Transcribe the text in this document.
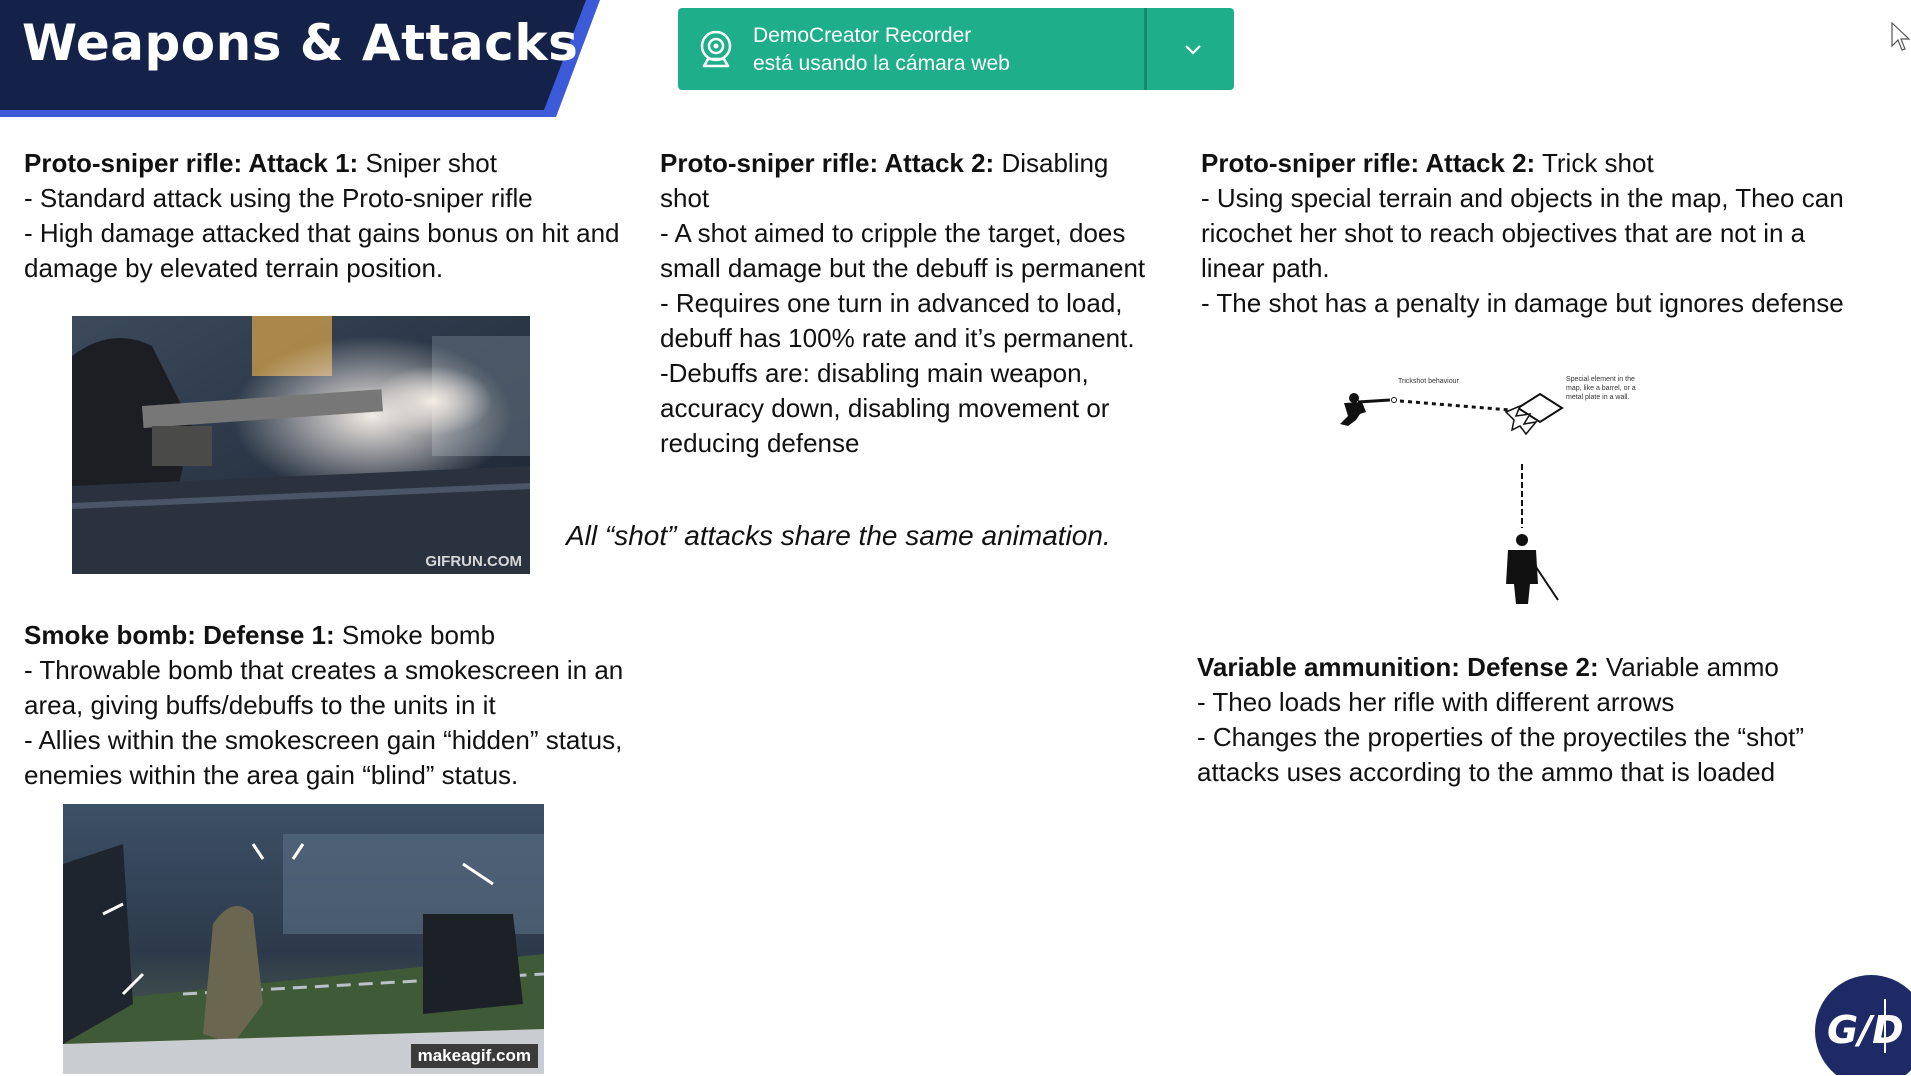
Weapons & Attacks	DemoCreator Recorder
está usando la cámara web

Proto-sniper rifle: Attack 1: Sniper shot

- Standard attack using the Proto-sniper rifle

- High damage attacked that gains bonus on hit and damage by elevated terrain position.

GIFRUN.COM

Proto-sniper rifle: Attack 2: Disabling shot

- A shot aimed to cripple the target, does small damage but the debuff is permanent

- Requires one turn in advanced to load, debuff has 100% rate and it’s permanent.

-Debuffs are: disabling main weapon, accuracy down, disabling movement or reducing defense

All “shot” attacks share the same animation.

Proto-sniper rifle: Attack 2: Trick shot

- Using special terrain and objects in the map, Theo can ricochet her shot to reach objectives that are not in a linear path.

- The shot has a penalty in damage but ignores defense

Trickshot behaviour	Special element in the
map, like a barrel, or a
metal plate in a wall.

Smoke bomb: Defense 1: Smoke bomb

- Throwable bomb that creates a smokescreen in an area, giving buffs/debuffs to the units in it

- Allies within the smokescreen gain “hidden” status, enemies within the area gain “blind” status.

makeagif.com

Variable ammunition: Defense 2: Variable ammo

- Theo loads her rifle with different arrows

- Changes the properties of the proyectiles the “shot” attacks uses according to the ammo that is loaded

G/D
